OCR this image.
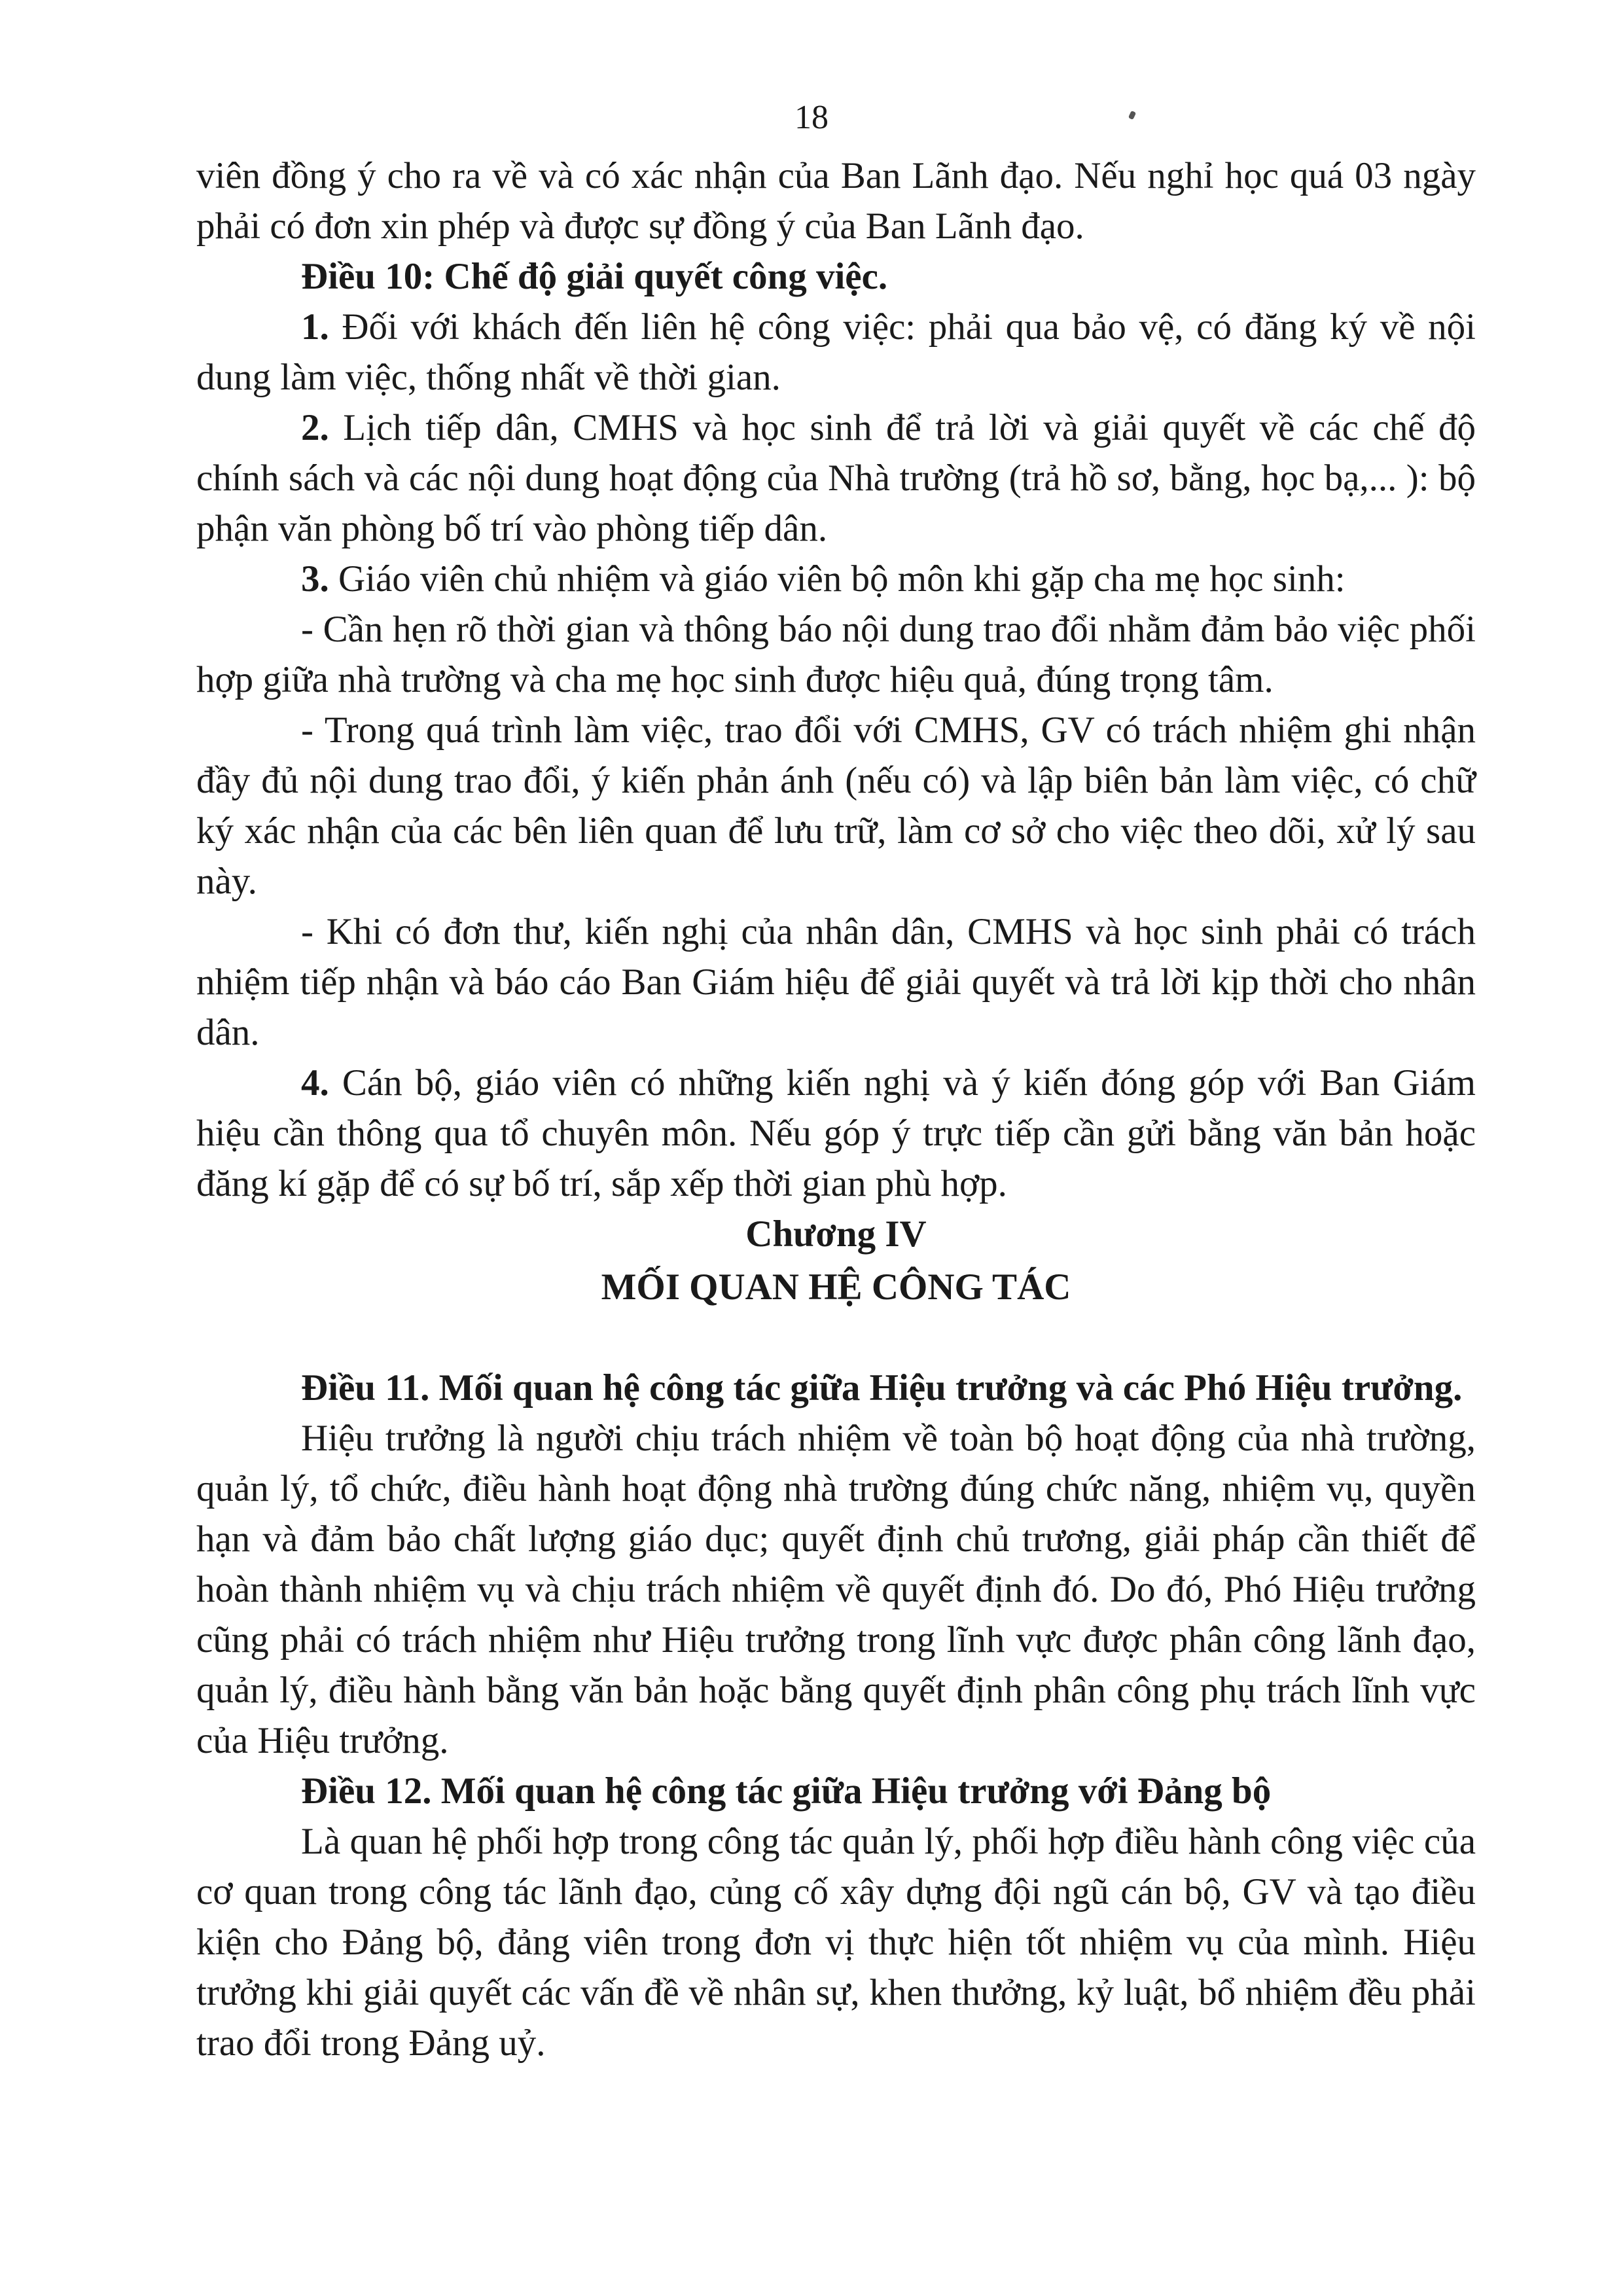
18

viên đồng ý cho ra về và có xác nhận của Ban Lãnh đạo. Nếu nghỉ học quá 03 ngày phải có đơn xin phép và được sự đồng ý của Ban Lãnh đạo.

Điều 10: Chế độ giải quyết công việc.

1. Đối với khách đến liên hệ công việc: phải qua bảo vệ, có đăng ký về nội dung làm việc, thống nhất về thời gian.

2. Lịch tiếp dân, CMHS và học sinh để trả lời và giải quyết về các chế độ chính sách và các nội dung hoạt động của Nhà trường (trả hồ sơ, bằng, học bạ,... ): bộ phận văn phòng bố trí vào phòng tiếp dân.

3. Giáo viên chủ nhiệm và giáo viên bộ môn khi gặp cha mẹ học sinh:

- Cần hẹn rõ thời gian và thông báo nội dung trao đổi nhằm đảm bảo việc phối hợp giữa nhà trường và cha mẹ học sinh được hiệu quả, đúng trọng tâm.

- Trong quá trình làm việc, trao đổi với CMHS, GV có trách nhiệm ghi nhận đầy đủ nội dung trao đổi, ý kiến phản ánh (nếu có) và lập biên bản làm việc, có chữ ký xác nhận của các bên liên quan để lưu trữ, làm cơ sở cho việc theo dõi, xử lý sau này.

- Khi có đơn thư, kiến nghị của nhân dân, CMHS và học sinh phải có trách nhiệm tiếp nhận và báo cáo Ban Giám hiệu để giải quyết và trả lời kịp thời cho nhân dân.

4. Cán bộ, giáo viên có những kiến nghị và ý kiến đóng góp với Ban Giám hiệu cần thông qua tổ chuyên môn. Nếu góp ý trực tiếp cần gửi bằng văn bản hoặc đăng kí gặp để có sự bố trí, sắp xếp thời gian phù hợp.

Chương IV

MỐI QUAN HỆ CÔNG TÁC

Điều 11. Mối quan hệ công tác giữa Hiệu trưởng và các Phó Hiệu trưởng.

Hiệu trưởng là người chịu trách nhiệm về toàn bộ hoạt động của nhà trường, quản lý, tổ chức, điều hành hoạt động nhà trường đúng chức năng, nhiệm vụ, quyền hạn và đảm bảo chất lượng giáo dục; quyết định chủ trương, giải pháp cần thiết để hoàn thành nhiệm vụ và chịu trách nhiệm về quyết định đó. Do đó, Phó Hiệu trưởng cũng phải có trách nhiệm như Hiệu trưởng trong lĩnh vực được phân công lãnh đạo, quản lý, điều hành bằng văn bản hoặc bằng quyết định phân công phụ trách lĩnh vực của Hiệu trưởng.

Điều 12. Mối quan hệ công tác giữa Hiệu trưởng với Đảng bộ

Là quan hệ phối hợp trong công tác quản lý, phối hợp điều hành công việc của cơ quan trong công tác lãnh đạo, củng cố xây dựng đội ngũ cán bộ, GV và tạo điều kiện cho Đảng bộ, đảng viên trong đơn vị thực hiện tốt nhiệm vụ của mình. Hiệu trưởng khi giải quyết các vấn đề về nhân sự, khen thưởng, kỷ luật, bổ nhiệm đều phải trao đổi trong Đảng uỷ.
